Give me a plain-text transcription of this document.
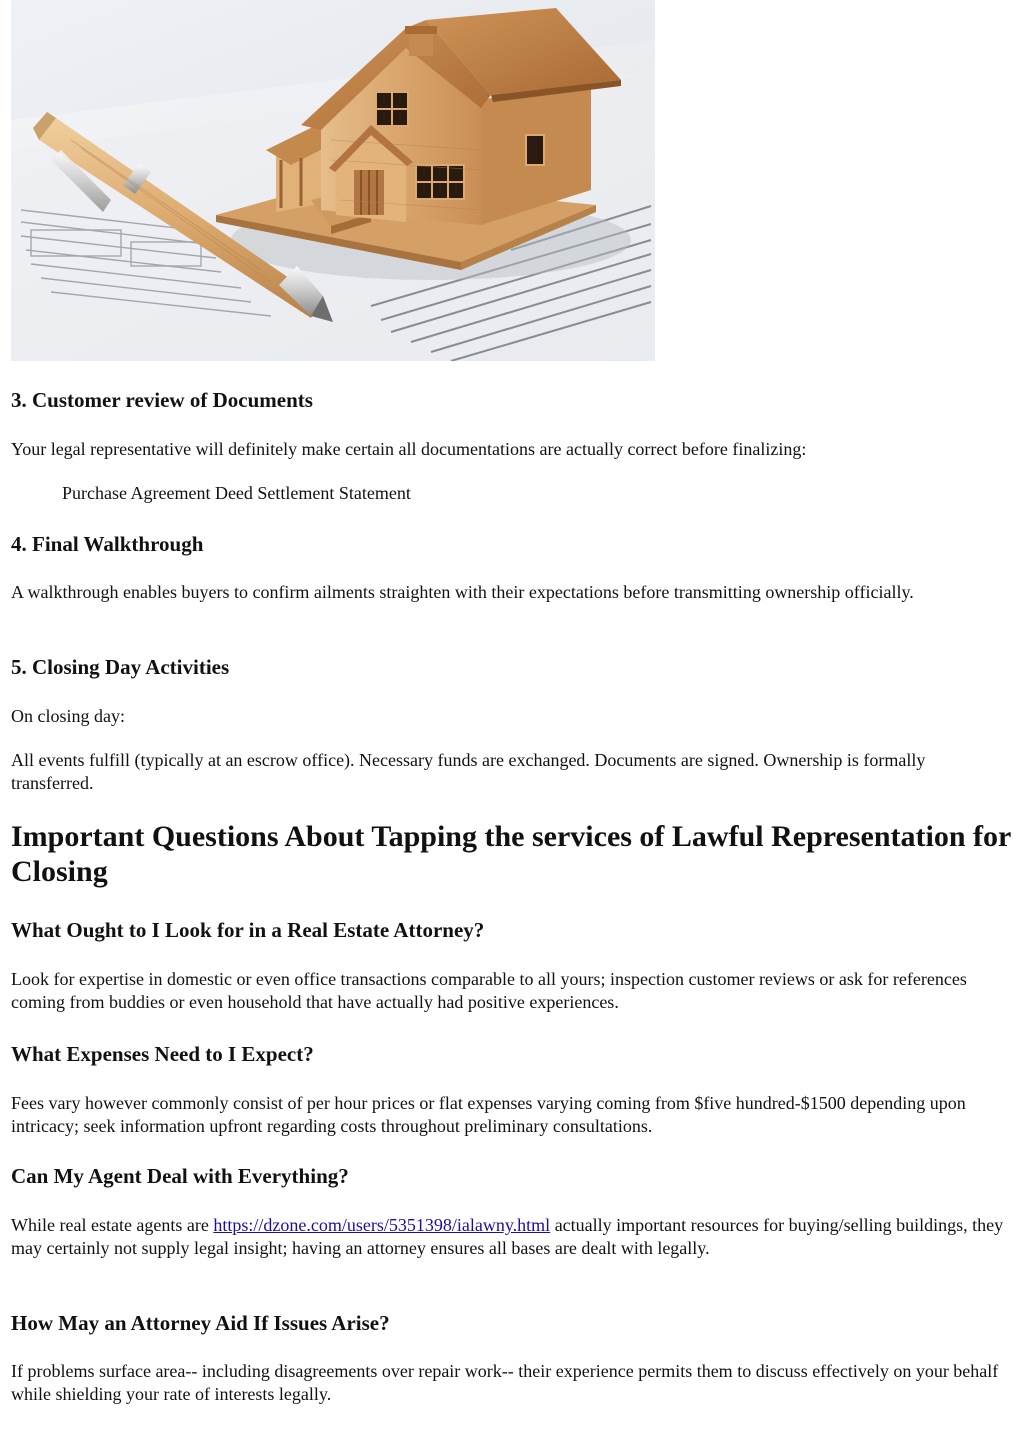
3. Customer review of Documents

Your legal representative will definitely make certain all documentations are actually correct before finalizing:

Purchase Agreement Deed Settlement Statement

4. Final Walkthrough

A walkthrough enables buyers to confirm ailments straighten with their expectations before transmitting ownership officially.

5. Closing Day Activities

On closing day:

All events fulfill (typically at an escrow office). Necessary funds are exchanged. Documents are signed. Ownership is formally transferred.

Important Questions About Tapping the services of Lawful Representation for Closing
What Ought to I Look for in a Real Estate Attorney?

Look for expertise in domestic or even office transactions comparable to all yours; inspection customer reviews or ask for references coming from buddies or even household that have actually had positive experiences.

What Expenses Need to I Expect?

Fees vary however commonly consist of per hour prices or flat expenses varying coming from $five hundred-$1500 depending upon intricacy; seek information upfront regarding costs throughout preliminary consultations.

Can My Agent Deal with Everything?

While real estate agents are https://dzone.com/users/5351398/ialawny.html actually important resources for buying/selling buildings, they may certainly not supply legal insight; having an attorney ensures all bases are dealt with legally.

How May an Attorney Aid If Issues Arise?

If problems surface area-- including disagreements over repair work-- their experience permits them to discuss effectively on your behalf while shielding your rate of interests legally.
